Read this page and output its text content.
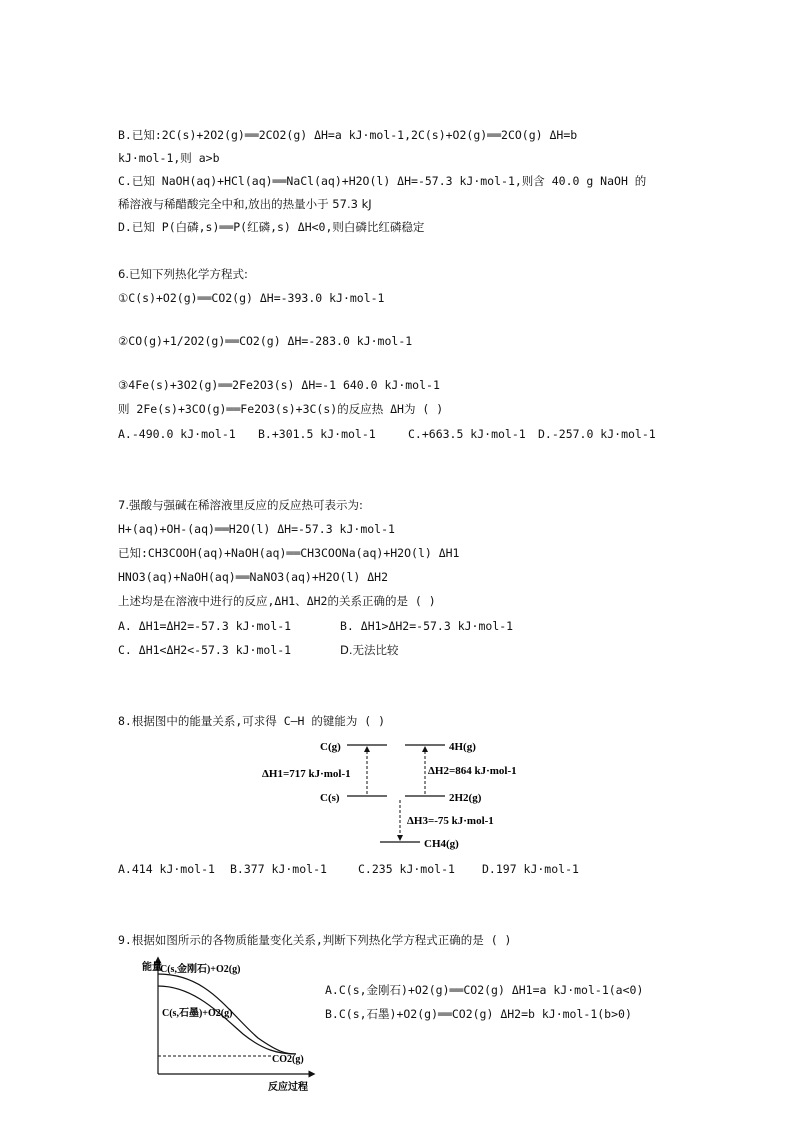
B.已知:2C(s)+2O2(g)══2CO2(g) ΔH=a kJ·mol-1,2C(s)+O2(g)══2CO(g) ΔH=b
kJ·mol-1,则 a>b
C.已知 NaOH(aq)+HCl(aq)══NaCl(aq)+H2O(l) ΔH=-57.3 kJ·mol-1,则含 40.0 g NaOH 的
稀溶液与稀醋酸完全中和,放出的热量小于 57.3 kJ
D.已知 P(白磷,s)══P(红磷,s) ΔH<0,则白磷比红磷稳定
6.已知下列热化学方程式:
①C(s)+O2(g)══CO2(g) ΔH=-393.0 kJ·mol-1
②CO(g)+1/2O2(g)══CO2(g) ΔH=-283.0 kJ·mol-1
③4Fe(s)+3O2(g)══2Fe2O3(s) ΔH=-1 640.0 kJ·mol-1
则 2Fe(s)+3CO(g)══Fe2O3(s)+3C(s)的反应热 ΔH为 ( )
A.-490.0 kJ·mol-1 B.+301.5 kJ·mol-1	C.+663.5 kJ·mol-1 D.-257.0 kJ·mol-1
7.强酸与强碱在稀溶液里反应的反应热可表示为:
H+(aq)+OH-(aq)══H2O(l) ΔH=-57.3 kJ·mol-1
已知:CH3COOH(aq)+NaOH(aq)══CH3COONa(aq)+H2O(l) ΔH1
HNO3(aq)+NaOH(aq)══NaNO3(aq)+H2O(l) ΔH2
上述均是在溶液中进行的反应,ΔH1、ΔH2的关系正确的是 ( )
A. ΔH1=ΔH2=-57.3 kJ·mol-1	B. ΔH1>ΔH2=-57.3 kJ·mol-1
C. ΔH1<ΔH2<-57.3 kJ·mol-1	D.无法比较
8.根据图中的能量关系,可求得 C—H 的键能为 ( )
C(g)
C(s)
4H(g)
2H2(g)
CH4(g)
ΔH1=717 kJ·mol-1	ΔH2=864 kJ·mol-1
ΔH3=-75 kJ·mol-1
A.414 kJ·mol-1 B.377 kJ·mol-1	C.235 kJ·mol-1 D.197 kJ·mol-1
9.根据如图所示的各物质能量变化关系,判断下列热化学方程式正确的是 ( )
能量
C(s,金刚石)+O2(g)
C(s,石墨)+O2(g)
CO2(g)
反应过程
A.C(s,金刚石)+O2(g)══CO2(g) ΔH1=a kJ·mol-1(a<0)
B.C(s,石墨)+O2(g)══CO2(g) ΔH2=b kJ·mol-1(b>0)
